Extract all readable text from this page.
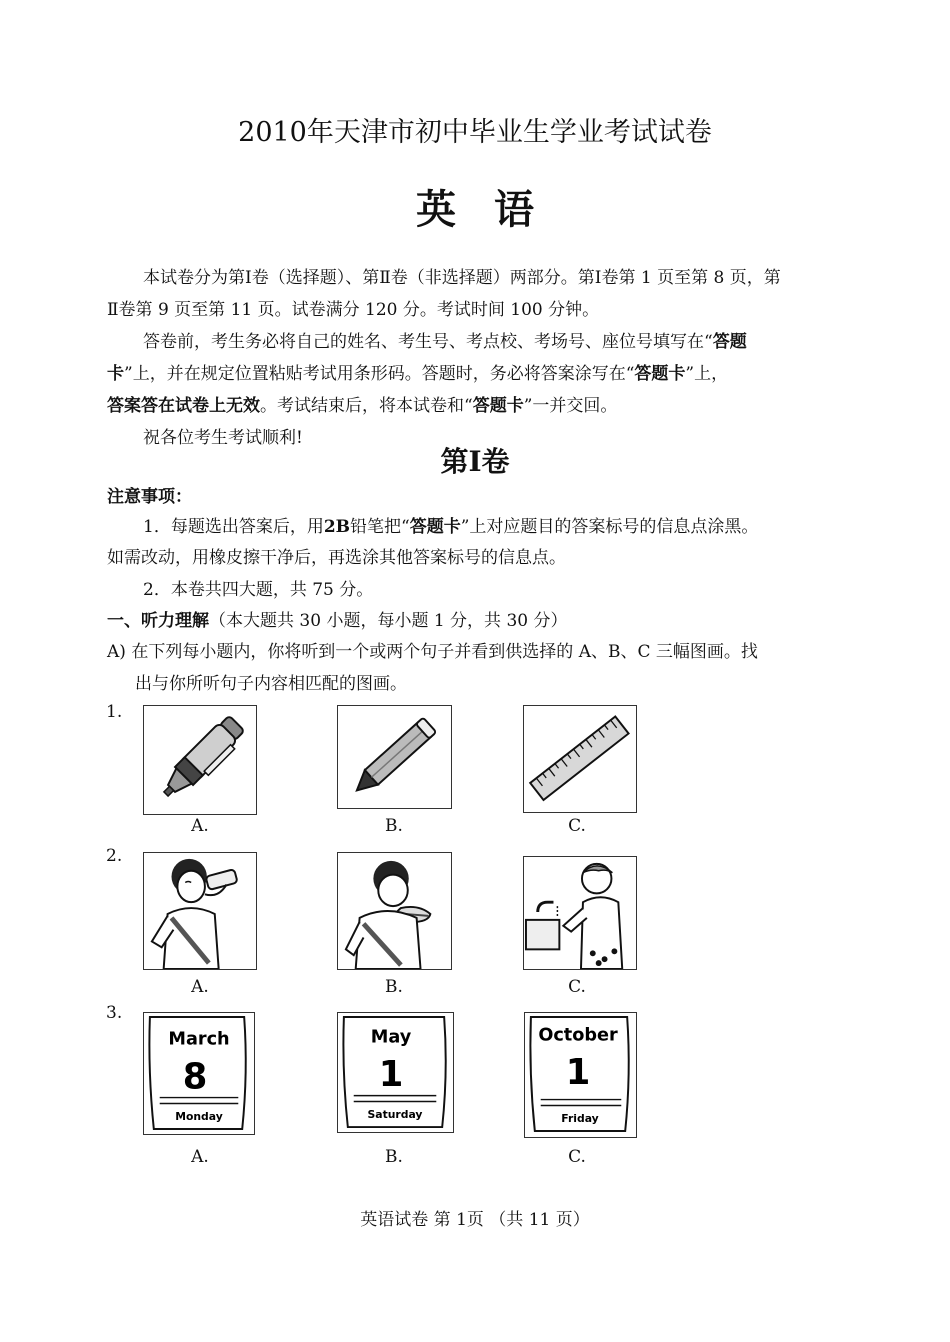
2010年天津市初中毕业生学业考试试卷
英语
本试卷分为第Ⅰ卷（选择题）、第Ⅱ卷（非选择题）两部分。第Ⅰ卷第 1 页至第 8 页，第
Ⅱ卷第 9 页至第 11 页。试卷满分 120 分。考试时间 100 分钟。
答卷前，考生务必将自己的姓名、考生号、考点校、考场号、座位号填写在“答题
卡”上，并在规定位置粘贴考试用条形码。答题时，务必将答案涂写在“答题卡”上，
答案答在试卷上无效。考试结束后，将本试卷和“答题卡”一并交回。
祝各位考生考试顺利!
第Ⅰ卷
注意事项：
1．每题选出答案后，用2B铅笔把“答题卡”上对应题目的答案标号的信息点涂黑。
如需改动，用橡皮擦干净后，再选涂其他答案标号的信息点。
2．本卷共四大题，共 75 分。
一、听力理解（本大题共 30 小题，每小题 1 分，共 30 分）
A) 在下列每小题内，你将听到一个或两个句子并看到供选择的 A、B、C 三幅图画。找
出与你所听句子内容相匹配的图画。
1.
A.	B.	C.
2.
A.	B.	C.
3.
March
8
Monday
May
1
Saturday
October
1
Friday
A.	B.	C.
英语试卷 第 1页 （共 11 页）
